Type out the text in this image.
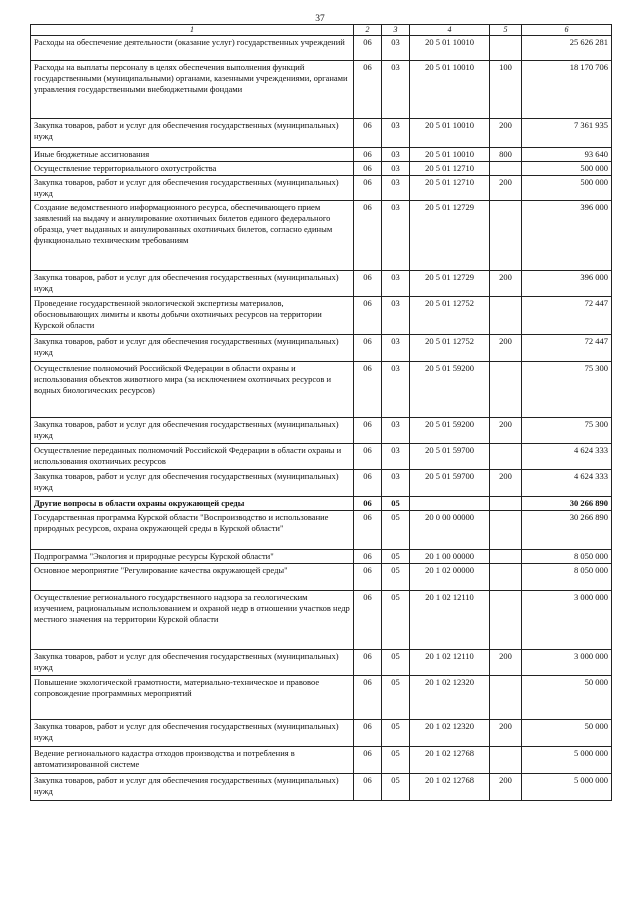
37
1	2	3	4	5	6
Расходы на обеспечение деятельности (оказание услуг) государственных учреждений	06	03	20 5 01 10010		25 626 281
Расходы на выплаты персоналу в целях обеспечения выполнения функций государственными (муниципальными) органами, казенными учреждениями, органами управления государственными внебюджетными фондами	06	03	20 5 01 10010	100	18 170 706
Закупка товаров, работ и услуг для обеспечения государственных (муниципальных) нужд	06	03	20 5 01 10010	200	7 361 935
Иные бюджетные ассигнования	06	03	20 5 01 10010	800	93 640
Осуществление территориального охотустройства	06	03	20 5 01 12710		500 000
Закупка товаров, работ и услуг для обеспечения государственных (муниципальных) нужд	06	03	20 5 01 12710	200	500 000
Создание ведомственного информационного ресурса, обеспечивающего прием заявлений на выдачу и аннулирование охотничьих билетов единого федерального образца, учет выданных и аннулированных охотничьих билетов, согласно единым функционально техническим требованиям	06	03	20 5 01 12729		396 000
Закупка товаров, работ и услуг для обеспечения государственных (муниципальных) нужд	06	03	20 5 01 12729	200	396 000
Проведение государственной экологической экспертизы материалов, обосновывающих лимиты и квоты добычи охотничьих ресурсов на территории Курской области	06	03	20 5 01 12752		72 447
Закупка товаров, работ и услуг для обеспечения государственных (муниципальных) нужд	06	03	20 5 01 12752	200	72 447
Осуществление полномочий Российской Федерации в области охраны и использования объектов животного мира (за исключением охотничьих ресурсов и водных биологических ресурсов)	06	03	20 5 01 59200		75 300
Закупка товаров, работ и услуг для обеспечения государственных (муниципальных) нужд	06	03	20 5 01 59200	200	75 300
Осуществление переданных полномочий Российской Федерации в области охраны и использования охотничьих ресурсов	06	03	20 5 01 59700		4 624 333
Закупка товаров, работ и услуг для обеспечения государственных (муниципальных) нужд	06	03	20 5 01 59700	200	4 624 333
Другие вопросы в области охраны окружающей среды	06	05			30 266 890
Государственная программа Курской области "Воспроизводство и использование природных ресурсов, охрана окружающей среды в Курской области"	06	05	20 0 00 00000		30 266 890
Подпрограмма "Экология и природные ресурсы Курской области"	06	05	20 1 00 00000		8 050 000
Основное мероприятие "Регулирование качества окружающей среды"	06	05	20 1 02 00000		8 050 000
Осуществление регионального государственного надзора за геологическим изучением, рациональным использованием и охраной недр в отношении участков недр местного значения на территории Курской области	06	05	20 1 02 12110		3 000 000
Закупка товаров, работ и услуг для обеспечения государственных (муниципальных) нужд	06	05	20 1 02 12110	200	3 000 000
Повышение экологической грамотности, материально-техническое и правовое сопровождение программных мероприятий	06	05	20 1 02 12320		50 000
Закупка товаров, работ и услуг для обеспечения государственных (муниципальных) нужд	06	05	20 1 02 12320	200	50 000
Ведение регионального кадастра отходов производства и потребления в автоматизированной системе	06	05	20 1 02 12768		5 000 000
Закупка товаров, работ и услуг для обеспечения государственных (муниципальных) нужд	06	05	20 1 02 12768	200	5 000 000
